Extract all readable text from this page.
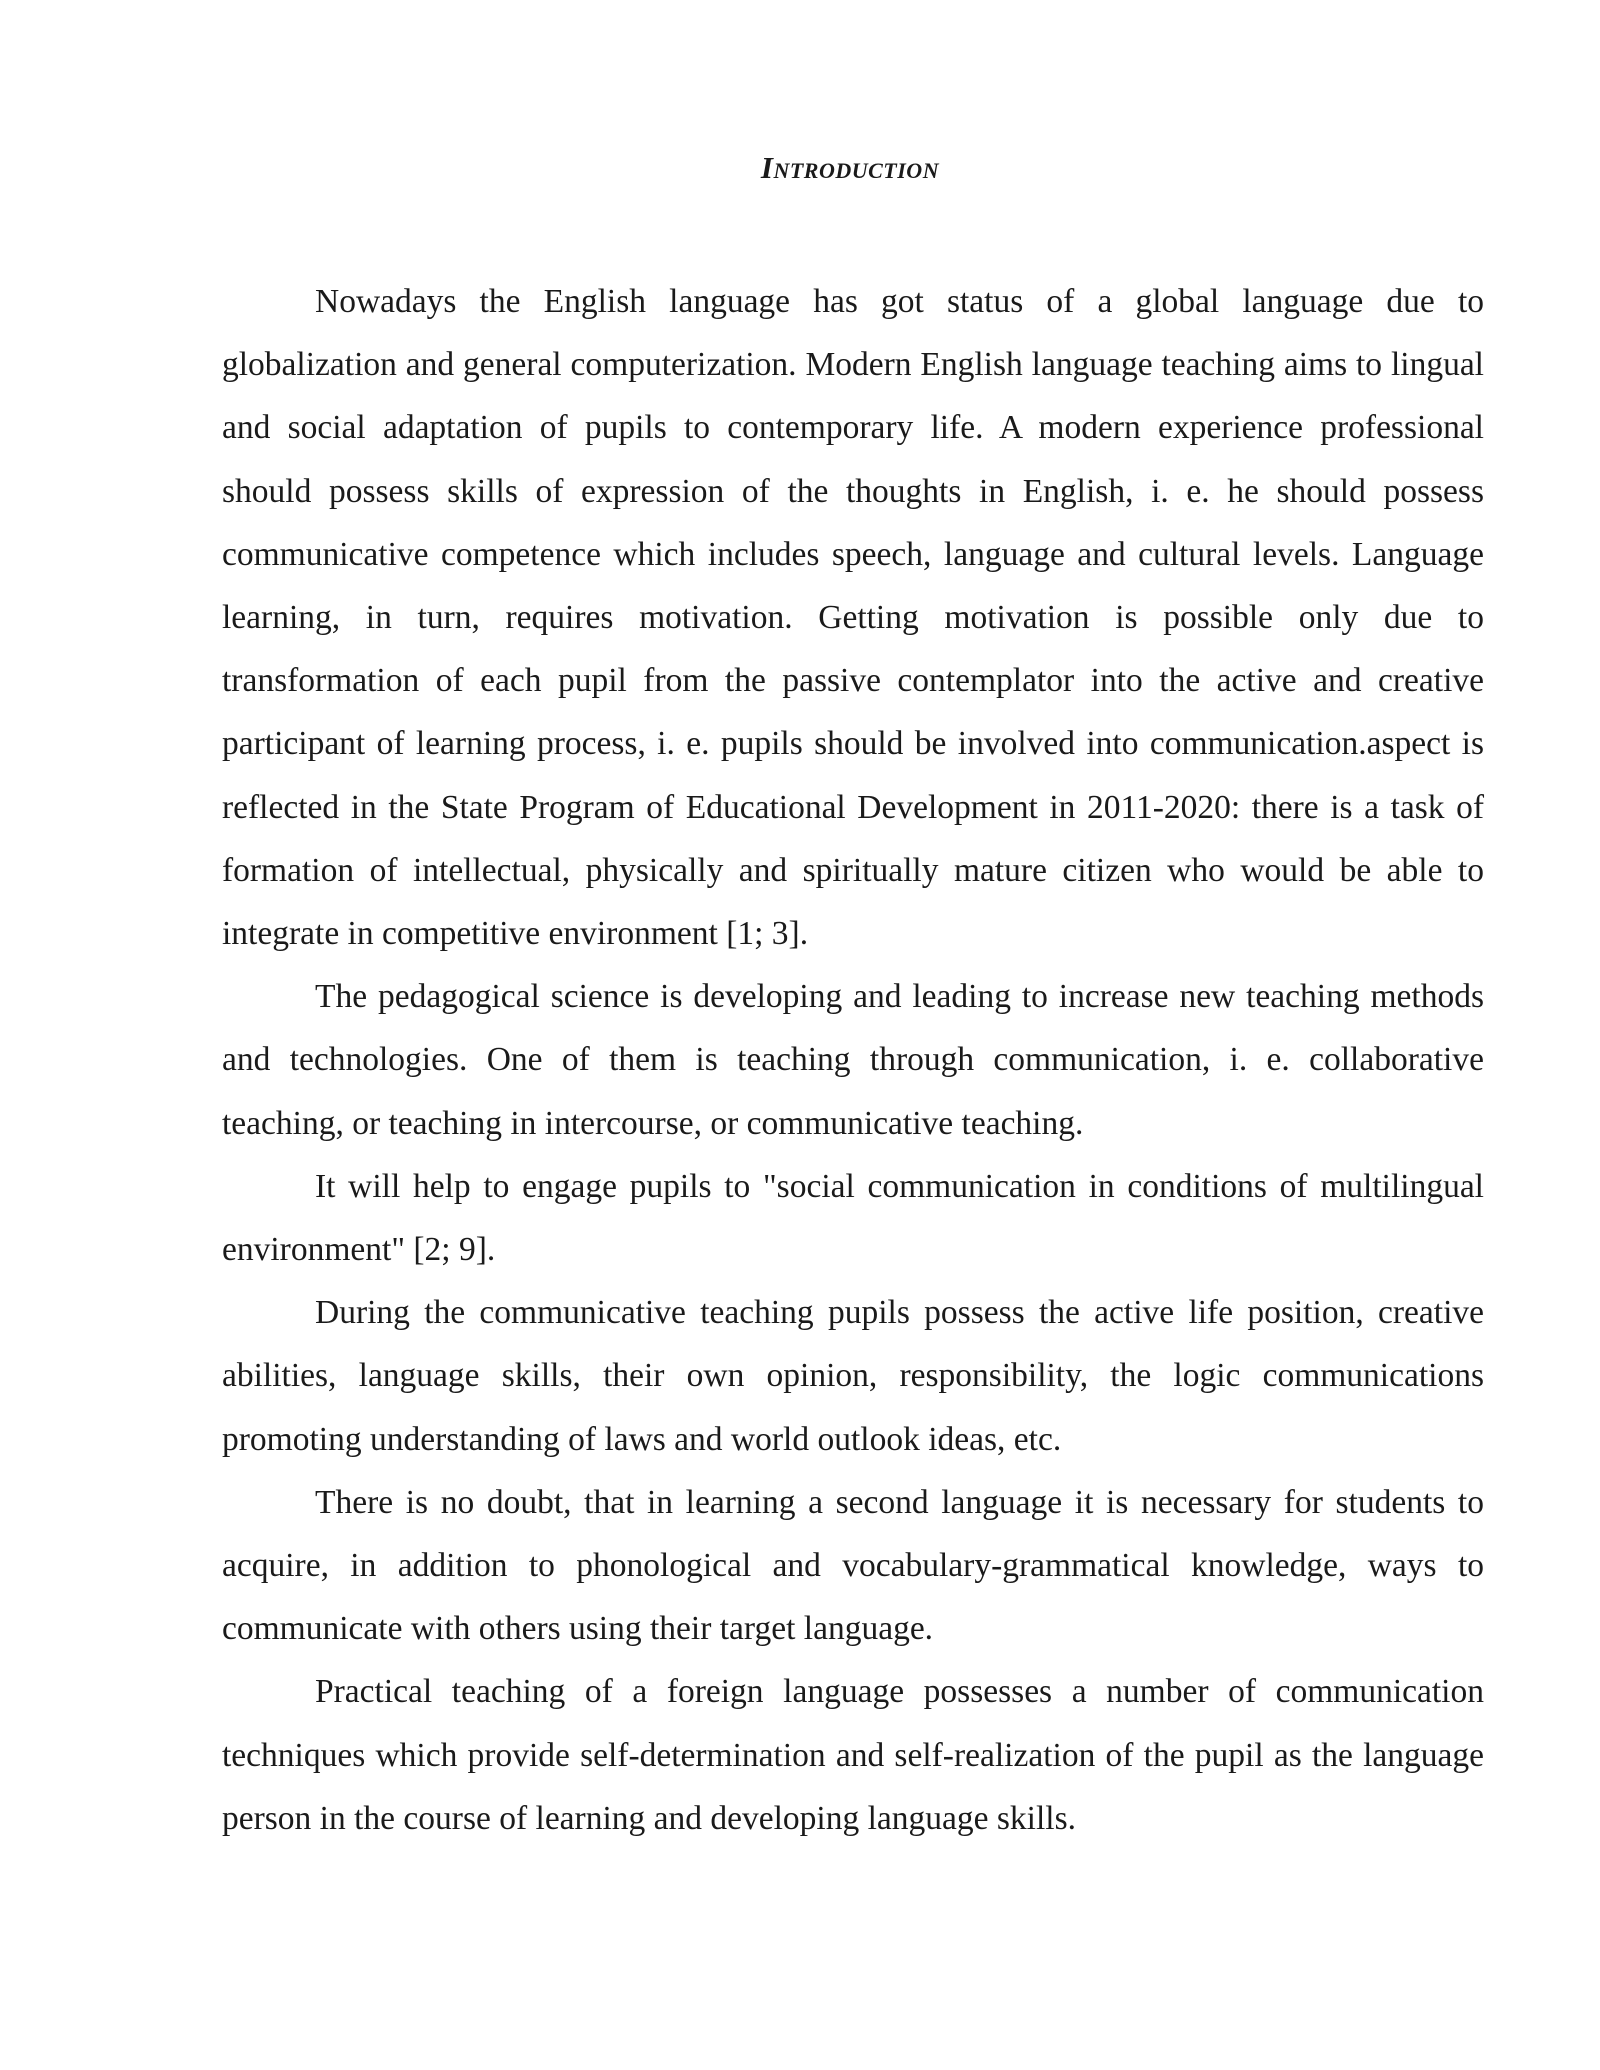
Introduction

Nowadays the English language has got status of a global language due to globalization and general computerization. Modern English language teaching aims to lingual and social adaptation of pupils to contemporary life. A modern experience professional should possess skills of expression of the thoughts in English, i. e. he should possess communicative competence which includes speech, language and cultural levels. Language learning, in turn, requires motivation. Getting motivation is possible only due to transformation of each pupil from the passive contemplator into the active and creative participant of learning process, i. e. pupils should be involved into communication.aspect is reflected in the State Program of Educational Development in 2011-2020: there is a task of formation of intellectual, physically and spiritually mature citizen who would be able to integrate in competitive environment [1; 3].

The pedagogical science is developing and leading to increase new teaching methods and technologies. One of them is teaching through communication, i. e. collaborative teaching, or teaching in intercourse, or communicative teaching.

It will help to engage pupils to "social communication in conditions of multilingual environment" [2; 9].

During the communicative teaching pupils possess the active life position, creative abilities, language skills, their own opinion, responsibility, the logic communications promoting understanding of laws and world outlook ideas, etc.

There is no doubt, that in learning a second language it is necessary for students to acquire, in addition to phonological and vocabulary-grammatical knowledge, ways to communicate with others using their target language.

Practical teaching of a foreign language possesses a number of communication techniques which provide self-determination and self-realization of the pupil as the language person in the course of learning and developing language skills.
